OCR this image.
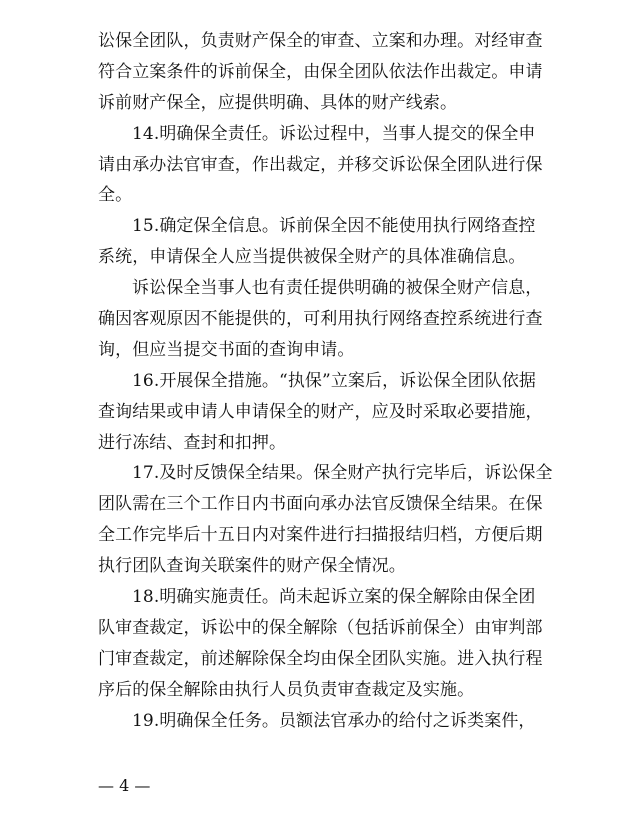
讼保全团队，负责财产保全的审查、立案和办理。对经审查
符合立案条件的诉前保全，由保全团队依法作出裁定。申请
诉前财产保全，应提供明确、具体的财产线索。
14.明确保全责任。诉讼过程中，当事人提交的保全申
请由承办法官审查，作出裁定，并移交诉讼保全团队进行保
全。
15.确定保全信息。诉前保全因不能使用执行网络查控
系统，申请保全人应当提供被保全财产的具体准确信息。
诉讼保全当事人也有责任提供明确的被保全财产信息，
确因客观原因不能提供的，可利用执行网络查控系统进行查
询，但应当提交书面的查询申请。
16.开展保全措施。“执保”立案后，诉讼保全团队依据
查询结果或申请人申请保全的财产，应及时采取必要措施，
进行冻结、查封和扣押。
17.及时反馈保全结果。保全财产执行完毕后，诉讼保全
团队需在三个工作日内书面向承办法官反馈保全结果。在保
全工作完毕后十五日内对案件进行扫描报结归档，方便后期
执行团队查询关联案件的财产保全情况。
18.明确实施责任。尚未起诉立案的保全解除由保全团
队审查裁定，诉讼中的保全解除（包括诉前保全）由审判部
门审查裁定，前述解除保全均由保全团队实施。进入执行程
序后的保全解除由执行人员负责审查裁定及实施。
19.明确保全任务。员额法官承办的给付之诉类案件，
— 4 —
